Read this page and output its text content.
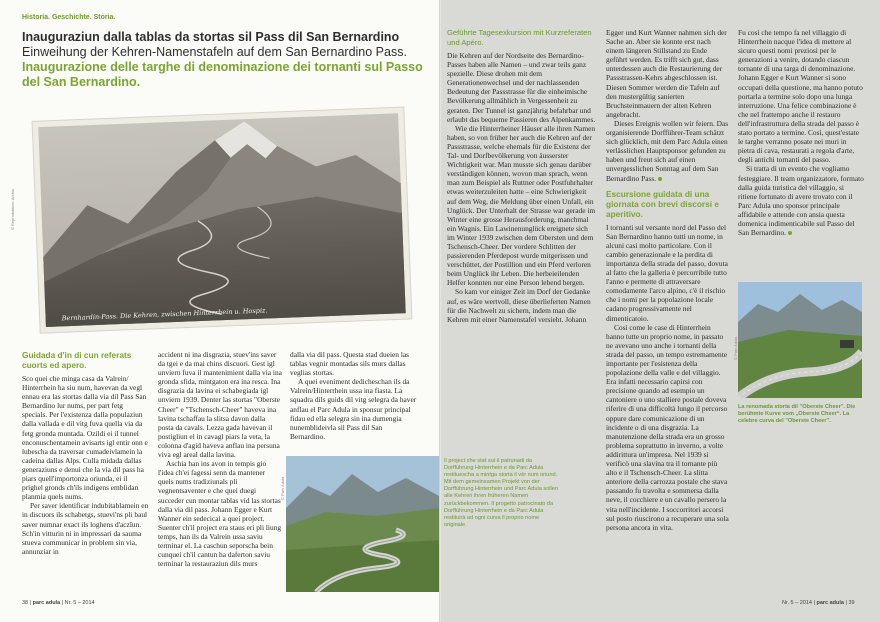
Historia. Geschichte. Storia.
Inauguraziun dalla tablas da stortas sil Pass dil San Bernardino
Einweihung der Kehren-Namenstafeln auf dem San Bernardino Pass.
Inaugurazione delle targhe di denominazione dei tornanti sul Passo del San Bernardino.
Bernhardin-Pass. Die Kehren, zwischen Hinterrhein u. Hospiz.
© Reproduktion: Archiv
Guidada d'in di cun referats cuorts ed apero.

Sco quei che minga casa da Valrein/ Hinterrhein ha siu num, havevan da vegl ennau era las stortas dalla via dil Pass San Bernardino lur nums, per part fetg specials. Per l'existenza dalla populaziun dalla vallada e dil vitg fuva quella via da fetg gronda muntada. Ozildi ei il tunnel enconuschentamein avisarts igl entir onn e lubescha da traversar cumadeivlamein la cadeina dallas Alps. Culla midada dallas generaziuns e denuì che la via dil pass ha piars quell'importonza oriunda, ei il prighel gronds ch'ils indigens emblidan planmia quels nums.

Per saver identificar indubitablamein en in discuors ils schabetgs, stuevi'ns pli baul saver numnar exact ils loghens d'aczîun. Sch'in vitturin ni in impressari da sauma stueva communicar in problem sin via, annunziar in

accident ni ina disgrazia, stuev'ins saver da tgei e da mai chins discuori. Gest igl unviern fuva il mantenimient dalla via ina gronda sfida, mintgaton era ina resca. Ina disgrazia da lavina ei schabegiada igl unviern 1939. Denter las stortas "Oberste Cheer" e "Tschensch-Cheer" haveva ina lavina tschaffau la slitsa davon dalla posta da cavals. Lezza gada havevan il postigliun el in cavagl piars la veta, la colonna d'agid haveva anflau ina persuna viva egl areal dalla lavina.

Aschia han ins avon in tempis gio l'idea ch'ei fagessi senn da mantener quels nums tradiziunals pli vegnentsaventer e che quei duegi succeder cun montar tablas vid las stortas dalla via dil pass. Johann Egger e Kurt Wanner ein sedecicai a quei project. Suenter ch'il project era staus eri pli liung temps, han ils da Valrein ussa saviu terminar el. La caschun seporscha bein cunquei ch'il cantun ha daferton saviu terminar la restauraziun dils murs

dalla via dil pass. Questa stad dueien las tablas vegnir montadas sils murs dallas veglias stortas.

A quei eveniment dedicheschan ils da Valrein/Hinterrhein ussa ina fiasta. La squadra dils guids dil vitg selegra da haver anflau el Parc Adula in sponsur principal fidau ed ella selegra sin ina dumengia nunemblideivla sil Pass dil San Bernardino.

© Parc Adula
38 | parc adula | Nr. 5 – 2014
Il project che stat sut il patrunadi da Dorfführung Hinterrhein e da Parc Adula restituescha a mintga storta il vèr num oriund. Mit dem gemeinsamen Projekt von der Dorfführung Hinterrhein und Parc Adula sollen alle Kehren ihren früheren Namen zurückbekommen. Il progetto patrocinato da Dorfführung Hinterrhein e da Parc Adula restituirà ad ogni curva il proprio nome originale.
Geführte Tagesexkursion mit Kurzreferaten und Apéro.

Die Kehren auf der Nordseite des Bernardino-Passes haben alle Namen – und zwar teils ganz spezielle. Diese drohen mit dem Generationenwechsel und der nachlassenden Bedeutung der Passstrasse für die einheimische Bevölkerung allmählich in Vergessenheit zu geraten. Der Tunnel ist ganzjährig befahrbar und erlaubt das bequeme Passieren des Alpenkammes.

Wie die Hinterrheiner Häuser alle ihren Namen haben, so von früher her auch die Kehren auf der Passstrasse, welche ehemals für die Existenz der Tal- und Dorfbevölkerung von äusserster Wichtigkeit war. Man musste sich genau darüber verständigen können, wovon man sprach, wenn man zum Beispiel als Ruttner oder Postfuhrhalter etwas weiterzuleiten hatte – eine Schwierigkeit auf dem Weg, die Meldung über einen Unfall, ein Unglück. Der Unterhalt der Strasse war gerade im Winter eine grosse Herausforderung, manchmal ein Wagnis. Ein Lawinenunglück ereignete sich im Winter 1939 zwischen dem Obersten und dem Tschensch-Cheer. Der vordere Schlitten der passierenden Pferdepost wurde mitgerissen und verschüttet, der Postillion und ein Pferd verloren beim Unglück ihr Leben. Die herbeieilenden Helfer konnten nur eine Person lebend bergen.

So kam vor einiger Zeit im Dorf der Gedanke auf, es wäre wertvoll, diese überlieferten Namen für die Nachwelt zu sichern, indem man die Kehren mit einer Namenstafel versieht. Johann

Egger und Kurt Wanner nahmen sich der Sache an. Aber sie konnte erst nach einem längeren Stillstand zu Ende geführt werden. Es trifft sich gut, dass unterdessen auch die Restaurierung der Passstrassen-Kehrs abgeschlossen ist. Diesen Sommer werden die Tafeln auf den mustergültig sanierten Bruchsteinmauern der alten Kehren angebracht.

Dieses Ereignis wollen wir feiern. Das organisierende Dorfführer-Team schätzt sich glücklich, mit dem Parc Adula einen verlässlichen Hauptsponsor gefunden zu haben und freut sich auf einen unvergesslichen Sonntag auf dem San Bernardino Pass.

Escursione guidata di una giornata con brevi discorsi e aperitivo.

I tornanti sul versante nord del Passo del San Bernardino hanno tutti un nome, in alcuni casi molto particolare. Con il cambio generazionale e la perdita di importanza della strada del passo, dovuta al fatto che la galleria è percorribile tutto l'anno e permette di attraversare comodamente l'arco alpino, c'è il rischio che i nomi per la popolazione locale cadano progressivamente nel dimenticatoio.

Così come le case di Hinterrhein hanno tutte un proprio nome, in passato ne avevano uno anche i tornanti della strada del passo, un tempo estremamente importante per l'esistenza della popolazione della valle e del villaggio. Era infatti necessario capirsi con precisione quando ad esempio un cantoniere o uno stalliere postale doveva riferire di una difficoltà lungo il percorso oppure dare comunicazione di un incidente o di una disgrazia. La manutenzione della strada era un grosso problema soprattutto in inverno, a volte addirittura un'impresa. Nel 1939 si verificò una slavina tra il tornante più alto e il Tschensch-Cheer. La slitta anteriore della carrozza postale che stava passando fu travolta e sommersa dalla neve, il cocchiere e un cavallo persero la vita nell'incidente. I soccorritori accorsi sul posto riuscirono a recuperare una sola persona ancora in vita.

Fu così che tempo fa nel villaggio di Hinterrhein nacque l'idea di mettere al sicuro questi nomi preziosi per le generazioni a venire, dotando ciascun tornante di una targa di denominazione. Johann Egger e Kurt Wanner si sono occupati della questione, ma hanno potuto portarla a termine solo dopo una lunga interruzione. Una felice combinazione è che nel frattempo anche il restauro dell'infrastruttura della strada del passo è stato portato a termine. Così, quest'estate le targhe verranno posate nei muri in pietra di cava, restaurati a regola d'arte, degli antichi tornanti del passo.

Si tratta di un evento che vogliamo festeggiare. Il team organizzatore, formato dalla guida turistica del villaggio, si ritiene fortunato di avere trovato con il Parc Adula uno sponsor principale affidabile e attende con ansia questa domenica indimenticabile sul Passo del San Bernardino.

© Parc Adula
La renomada storta dil "Oberste Cheer". Die berühmte Kurve vom „Oberste Cheer“. La celebre curva del "Oberste Cheer".
Nr. 5 – 2014 | parc adula | 39
